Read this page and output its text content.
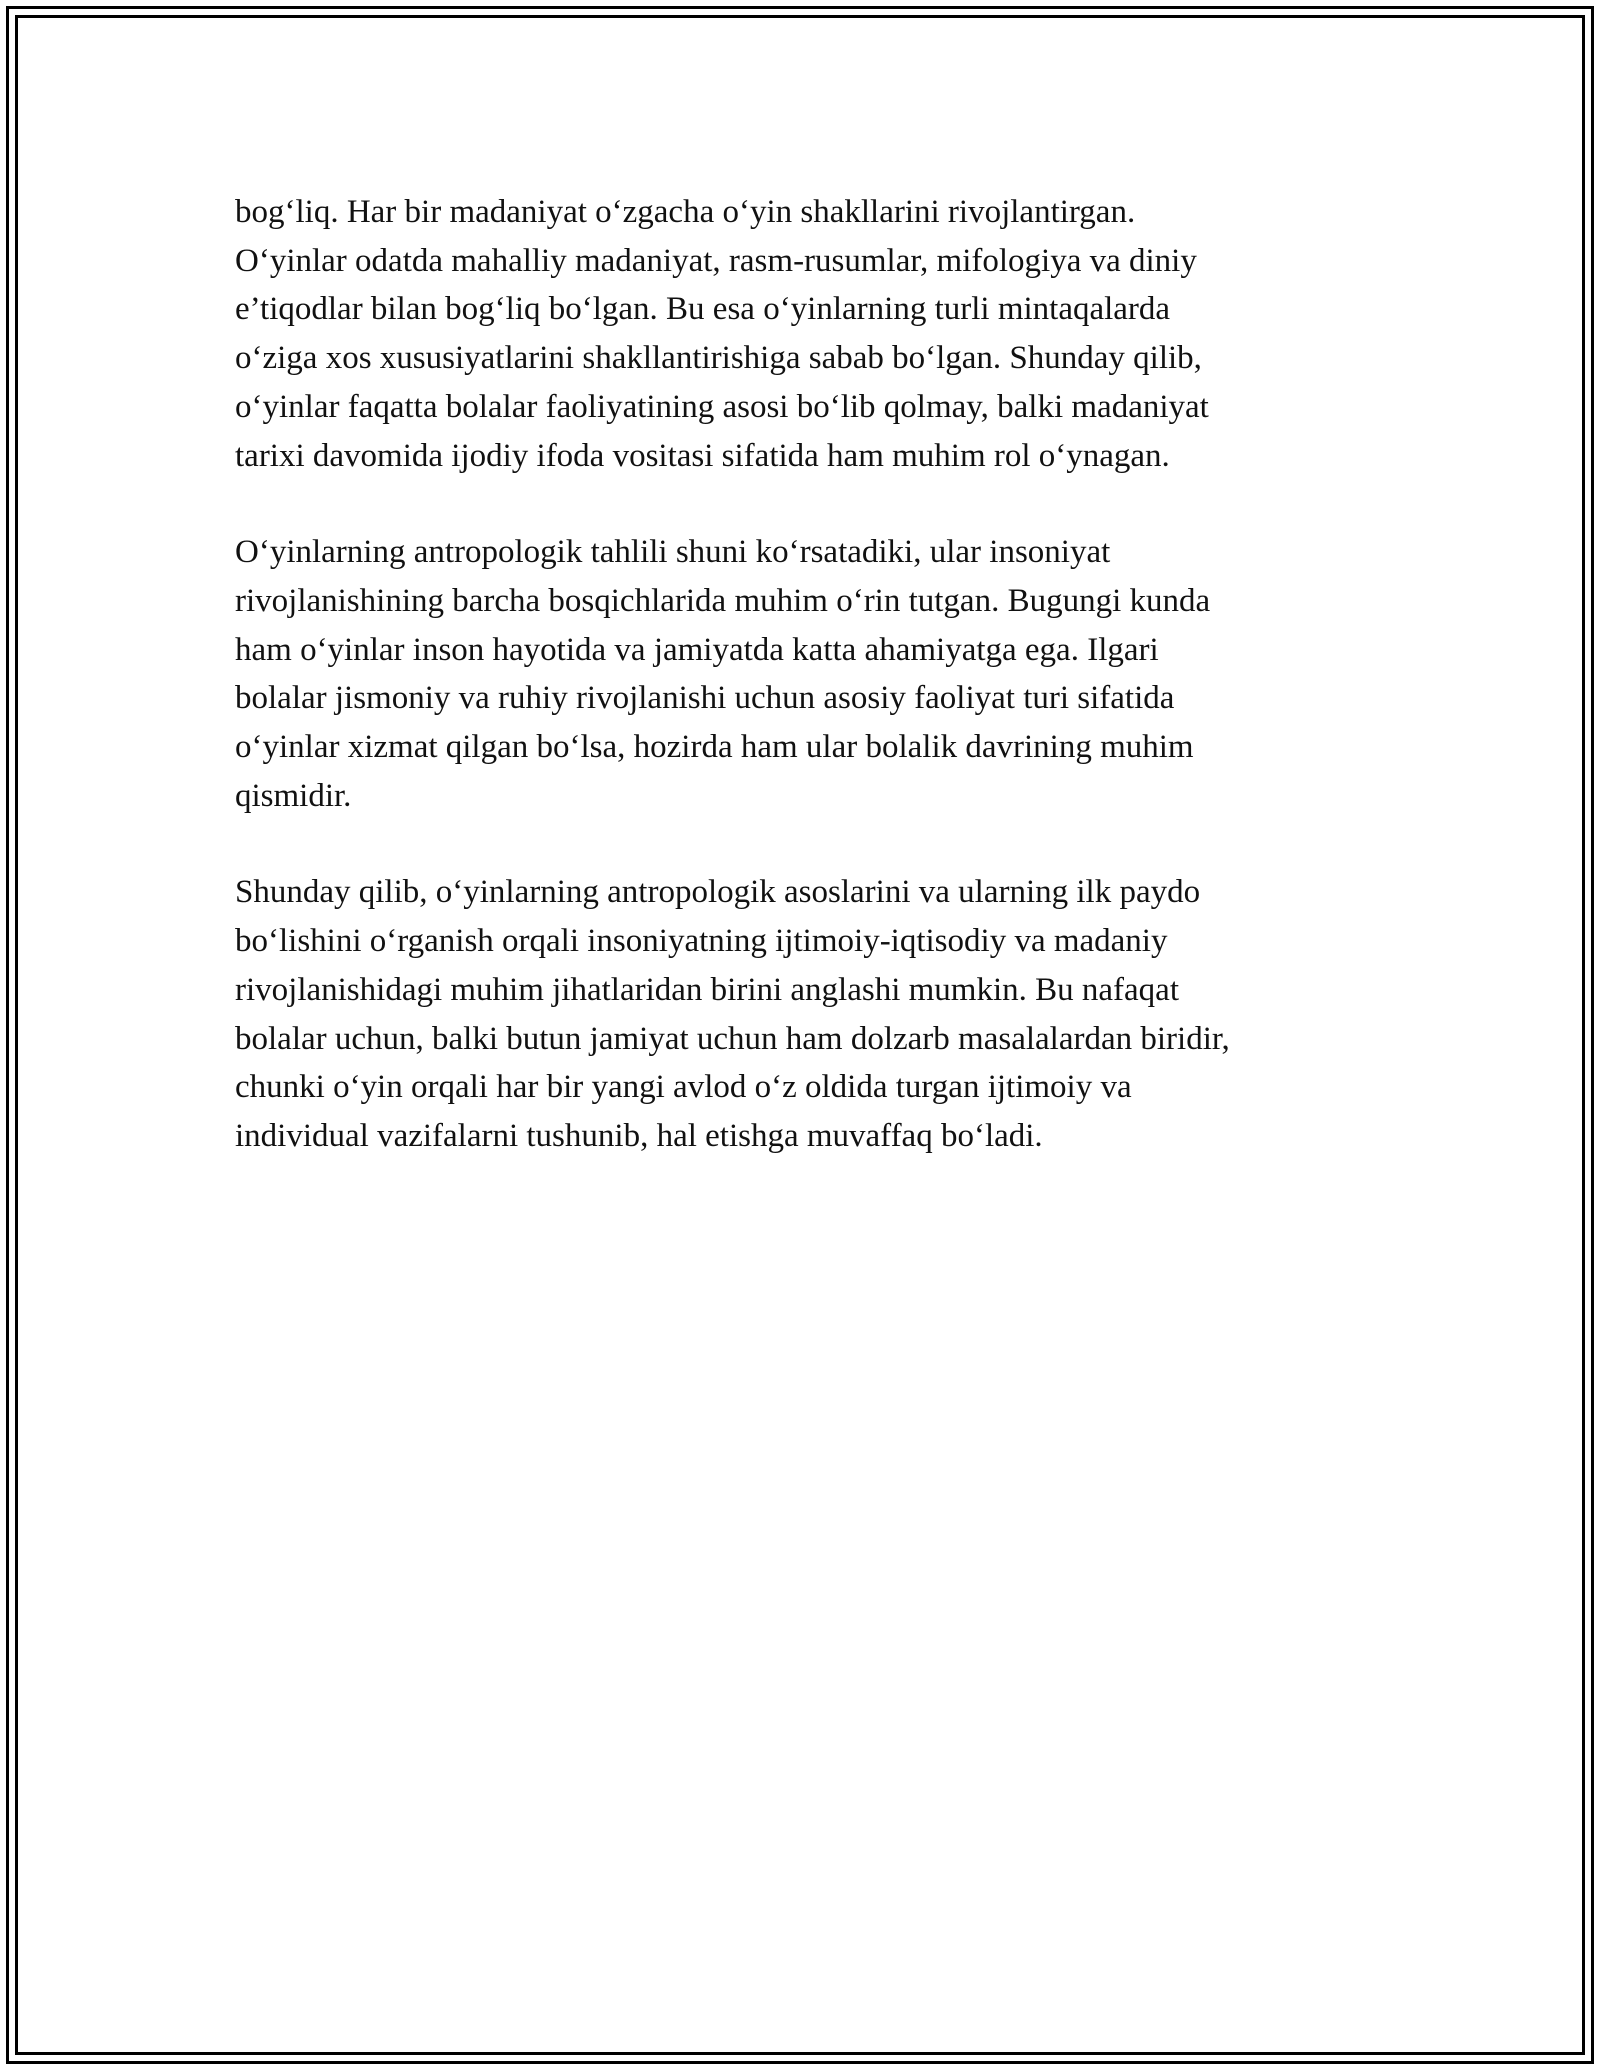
bog‘liq. Har bir madaniyat o‘zgacha o‘yin shakllarini rivojlantirgan.
O‘yinlar odatda mahalliy madaniyat, rasm-rusumlar, mifologiya va diniy
e’tiqodlar bilan bog‘liq bo‘lgan. Bu esa o‘yinlarning turli mintaqalarda
o‘ziga xos xususiyatlarini shakllantirishiga sabab bo‘lgan. Shunday qilib,
o‘yinlar faqatta bolalar faoliyatining asosi bo‘lib qolmay, balki madaniyat
tarixi davomida ijodiy ifoda vositasi sifatida ham muhim rol o‘ynagan.

O‘yinlarning antropologik tahlili shuni ko‘rsatadiki, ular insoniyat
rivojlanishining barcha bosqichlarida muhim o‘rin tutgan. Bugungi kunda
ham o‘yinlar inson hayotida va jamiyatda katta ahamiyatga ega. Ilgari
bolalar jismoniy va ruhiy rivojlanishi uchun asosiy faoliyat turi sifatida
o‘yinlar xizmat qilgan bo‘lsa, hozirda ham ular bolalik davrining muhim
qismidir.

Shunday qilib, o‘yinlarning antropologik asoslarini va ularning ilk paydo
bo‘lishini o‘rganish orqali insoniyatning ijtimoiy-iqtisodiy va madaniy
rivojlanishidagi muhim jihatlaridan birini anglashi mumkin. Bu nafaqat
bolalar uchun, balki butun jamiyat uchun ham dolzarb masalalardan biridir,
chunki o‘yin orqali har bir yangi avlod o‘z oldida turgan ijtimoiy va
individual vazifalarni tushunib, hal etishga muvaffaq bo‘ladi.
